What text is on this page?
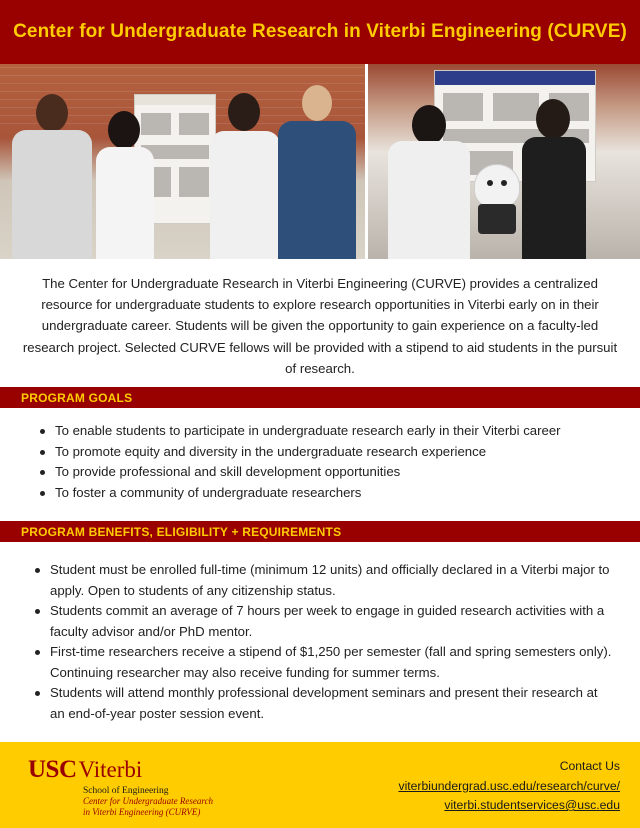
Center for Undergraduate Research in Viterbi Engineering (CURVE)

The Center for Undergraduate Research in Viterbi Engineering (CURVE) provides a centralized resource for undergraduate students to explore research opportunities in Viterbi early on in their undergraduate career. Students will be given the opportunity to gain experience on a faculty-led research project. Selected CURVE fellows will be provided with a stipend to aid students in the pursuit of research.

PROGRAM GOALS
To enable students to participate in undergraduate research early in their Viterbi career
To promote equity and diversity in the undergraduate research experience
To provide professional and skill development opportunities
To foster a community of undergraduate researchers
PROGRAM BENEFITS, ELIGIBILITY + REQUIREMENTS
Student must be enrolled full-time (minimum 12 units) and officially declared in a Viterbi major to apply. Open to students of any citizenship status.
Students commit an average of 7 hours per week to engage in guided research activities with a faculty advisor and/or PhD mentor.
First-time researchers receive a stipend of $1,250 per semester (fall and spring semesters only). Continuing researcher may also receive funding for summer terms.
Students will attend monthly professional development seminars and present their research at an end-of-year poster session event.
USC Viterbi
School of Engineering
Center for Undergraduate Research
in Viterbi Engineering (CURVE)
Contact Us
viterbiundergrad.usc.edu/research/curve/
viterbi.studentservices@usc.edu
